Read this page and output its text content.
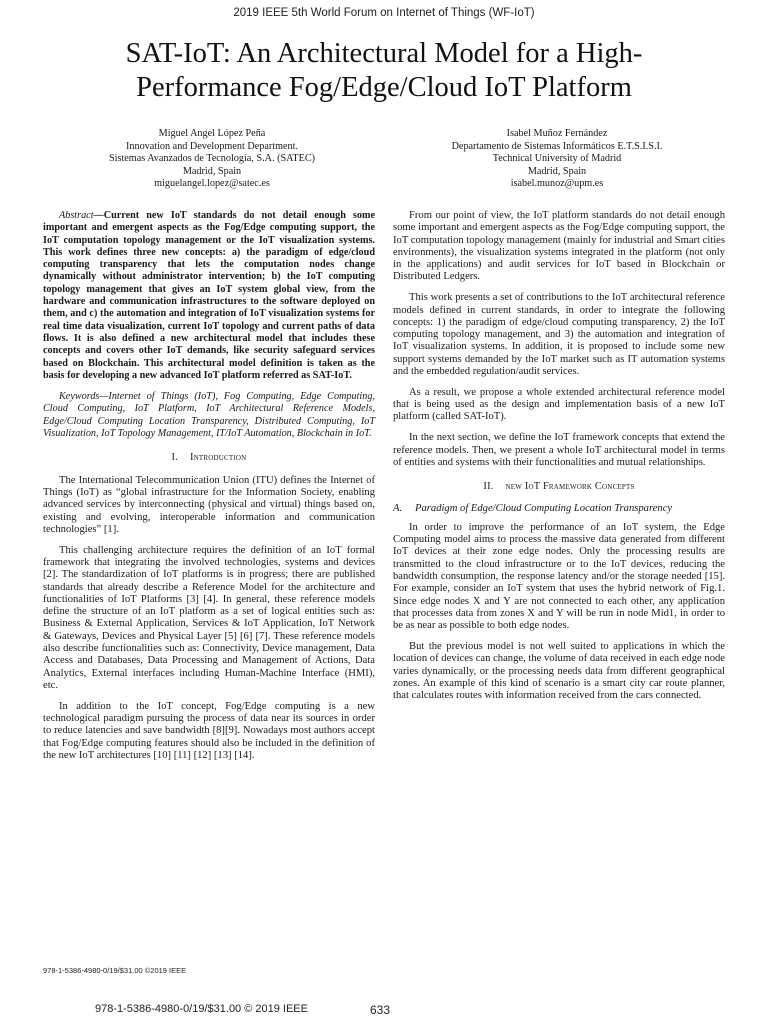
2019 IEEE 5th World Forum on Internet of Things (WF-IoT)
SAT-IoT: An Architectural Model for a High-
Performance Fog/Edge/Cloud IoT Platform
Miguel Angel López Peña
Innovation and Development Department.
Sistemas Avanzados de Tecnología, S.A. (SATEC)
Madrid, Spain
miguelangel.lopez@satec.es
Isabel Muñoz Fernández
Departamento de Sistemas Informáticos E.T.S.I.S.I.
Technical University of Madrid
Madrid, Spain
isabel.munoz@upm.es

Abstract—Current new IoT standards do not detail enough some important and emergent aspects as the Fog/Edge computing support, the IoT computation topology management or the IoT visualization systems. This work defines three new concepts: a) the paradigm of edge/cloud computing transparency that lets the computation nodes change dynamically without administrator intervention; b) the IoT computing topology management that gives an IoT system global view, from the hardware and communication infrastructures to the software deployed on them, and c) the automation and integration of IoT visualization systems for real time data visualization, current IoT topology and current paths of data flows. It is also defined a new architectural model that includes these concepts and covers other IoT demands, like security safeguard services based on Blockchain. This architectural model definition is taken as the basis for developing a new advanced IoT platform referred as SAT-IoT.

Keywords—Internet of Things (IoT), Fog Computing, Edge Computing, Cloud Computing, IoT Platform, IoT Architectural Reference Models, Edge/Cloud Computing Location Transparency, Distributed Computing, IoT Visualization, IoT Topology Management, IT/IoT Automation, Blockchain in IoT.

I. Introduction

The International Telecommunication Union (ITU) defines the Internet of Things (IoT) as “global infrastructure for the Information Society, enabling advanced services by interconnecting (physical and virtual) things based on, existing and evolving, interoperable information and communication technologies” [1].

This challenging architecture requires the definition of an IoT formal framework that integrating the involved technologies, systems and devices [2]. The standardization of IoT platforms is in progress; there are published standards that already describe a Reference Model for the architecture and functionalities of IoT Platforms [3] [4]. In general, these reference models define the structure of an IoT platform as a set of logical entities such as: Business & External Application, Services & IoT Application, IoT Network & Gateways, Devices and Physical Layer [5] [6] [7]. These reference models also describe functionalities such as: Connectivity, Device management, Data Access and Databases, Data Processing and Management of Actions, Data Analytics, External interfaces including Human-Machine Interface (HMI), etc.

In addition to the IoT concept, Fog/Edge computing is a new technological paradigm pursuing the process of data near its sources in order to reduce latencies and save bandwidth [8][9]. Nowadays most authors accept that Fog/Edge computing features should also be included in the definition of the new IoT architectures [10] [11] [12] [13] [14].

From our point of view, the IoT platform standards do not detail enough some important and emergent aspects as the Fog/Edge computing support, the IoT computation topology management (mainly for industrial and Smart cities environments), the visualization systems integrated in the platform (not only in the applications) and audit services for IoT based in Blockchain or Distributed Ledgers.

This work presents a set of contributions to the IoT architectural reference models defined in current standards, in order to integrate the following concepts: 1) the paradigm of edge/cloud computing transparency, 2) the IoT computing topology management, and 3) the automation and integration of IoT visualization systems. In addition, it is proposed to include some new support systems demanded by the IoT market such as IT automation systems and the embedded regulation/audit services.

As a result, we propose a whole extended architectural reference model that is being used as the design and implementation basis of a new IoT platform (called SAT-IoT).

In the next section, we define the IoT framework concepts that extend the reference models. Then, we present a whole IoT architectural model in terms of entities and systems with their functionalities and mutual relationships.

II. new IoT Framework Concepts
A. Paradigm of Edge/Cloud Computing Location Transparency

In order to improve the performance of an IoT system, the Edge Computing model aims to process the massive data generated from different IoT devices at their zone edge nodes. Only the processing results are transmitted to the cloud infrastructure or to the IoT devices, reducing the bandwidth consumption, the response latency and/or the storage needed [15]. For example, consider an IoT system that uses the hybrid network of Fig.1. Since edge nodes X and Y are not connected to each other, any application that processes data from zones X and Y will be run in node Mid1, in order to be as near as possible to both edge nodes.

But the previous model is not well suited to applications in which the location of devices can change, the volume of data received in each edge node varies dynamically, or the processing needs data from different geographical zones. An example of this kind of scenario is a smart city car route planner, that calculates routes with information received from the cars connected.

978-1-5386-4980-0/19/$31.00 ©2019 IEEE
978-1-5386-4980-0/19/$31.00 © 2019 IEEE	633
